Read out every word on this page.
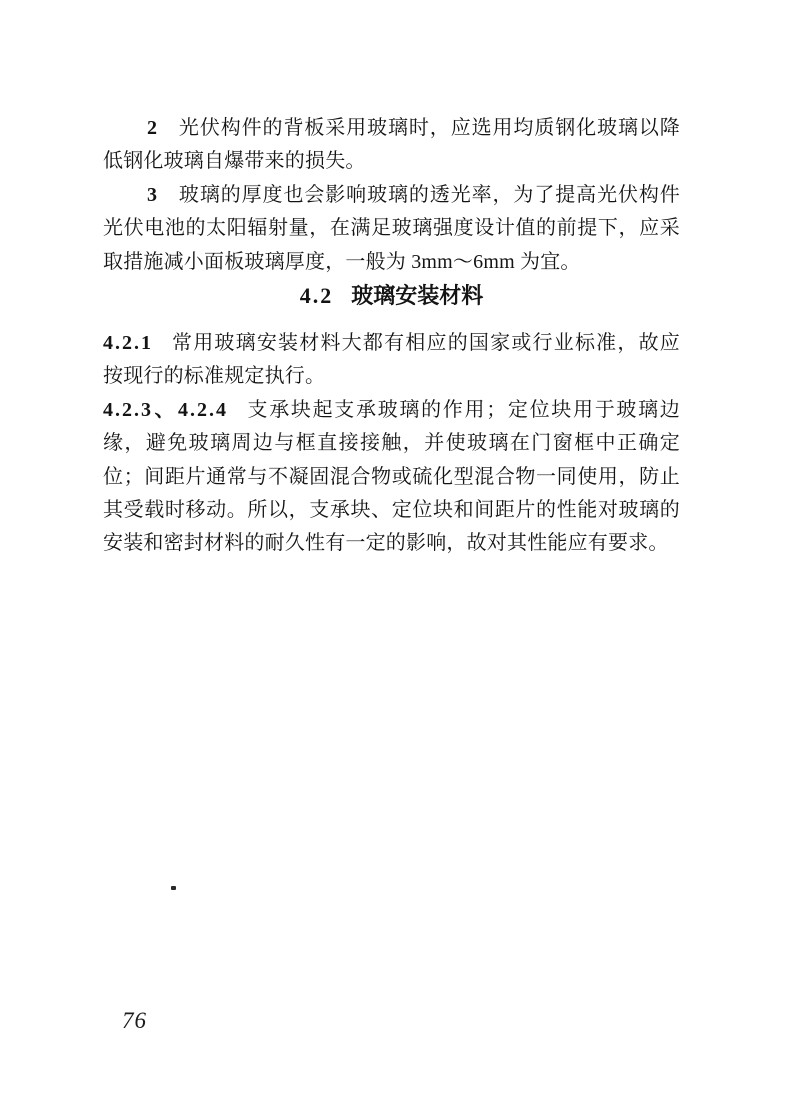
2 光伏构件的背板采用玻璃时，应选用均质钢化玻璃以降
低钢化玻璃自爆带来的损失。
3 玻璃的厚度也会影响玻璃的透光率，为了提高光伏构件
光伏电池的太阳辐射量，在满足玻璃强度设计值的前提下，应采
取措施减小面板玻璃厚度，一般为 3mm～6mm 为宜。
4.2 玻璃安装材料
4.2.1 常用玻璃安装材料大都有相应的国家或行业标准，故应
按现行的标准规定执行。
4.2.3、4.2.4 支承块起支承玻璃的作用；定位块用于玻璃边
缘，避免玻璃周边与框直接接触，并使玻璃在门窗框中正确定
位；间距片通常与不凝固混合物或硫化型混合物一同使用，防止
其受载时移动。所以，支承块、定位块和间距片的性能对玻璃的
安装和密封材料的耐久性有一定的影响，故对其性能应有要求。
76
